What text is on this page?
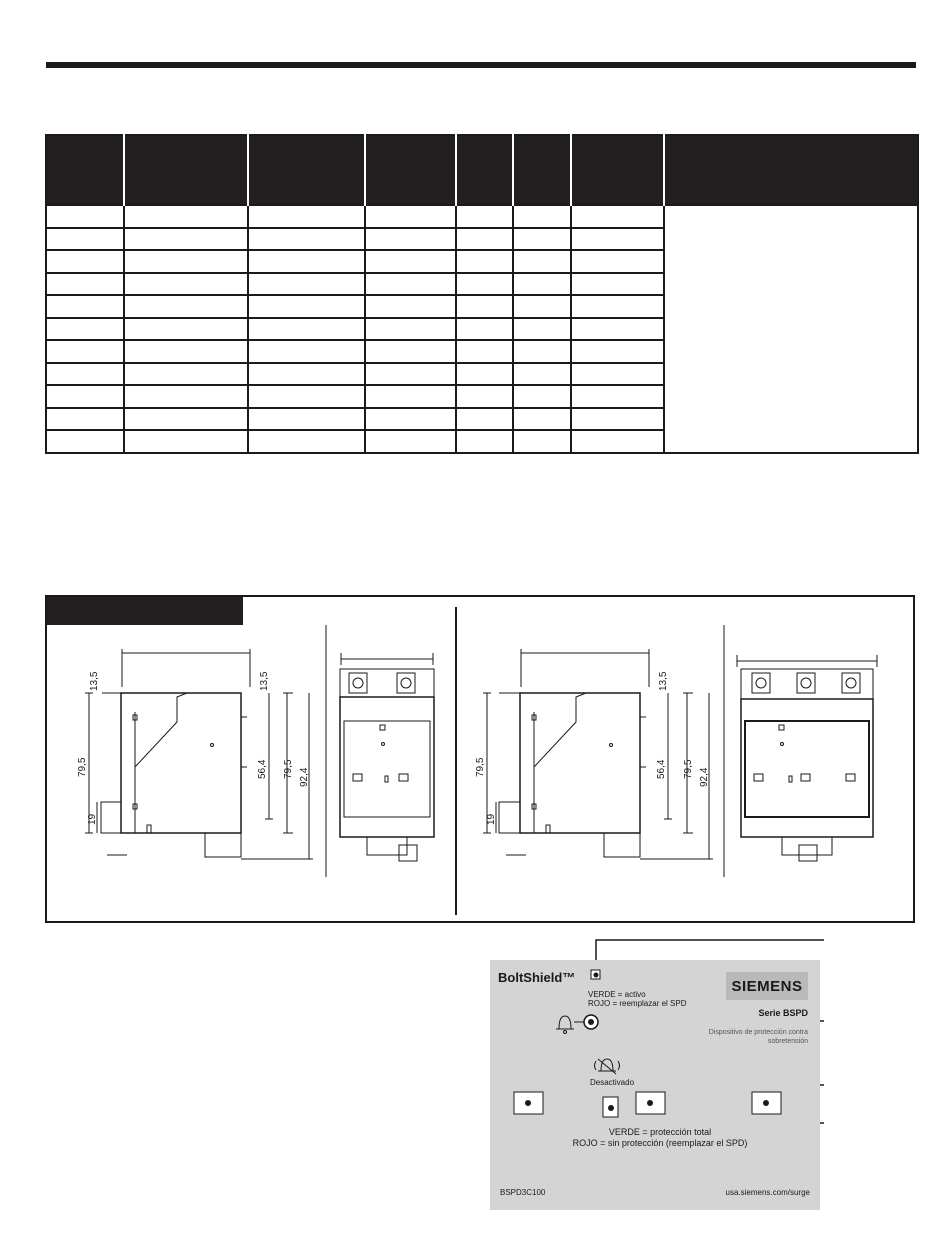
13,5	13,5
79,5
19
56,4 79,5 92,4
13,5
79,5
19
56,4 79,5 92,4
BoltShield™	SIEMENS
VERDE = activo
ROJO = reemplazar el SPD
Serie BSPD
Dispositivo de protección contra sobretensión
Desactivado
VERDE = protección total
ROJO = sin protección (reemplazar el SPD)
BSPD3C100	usa.siemens.com/surge
